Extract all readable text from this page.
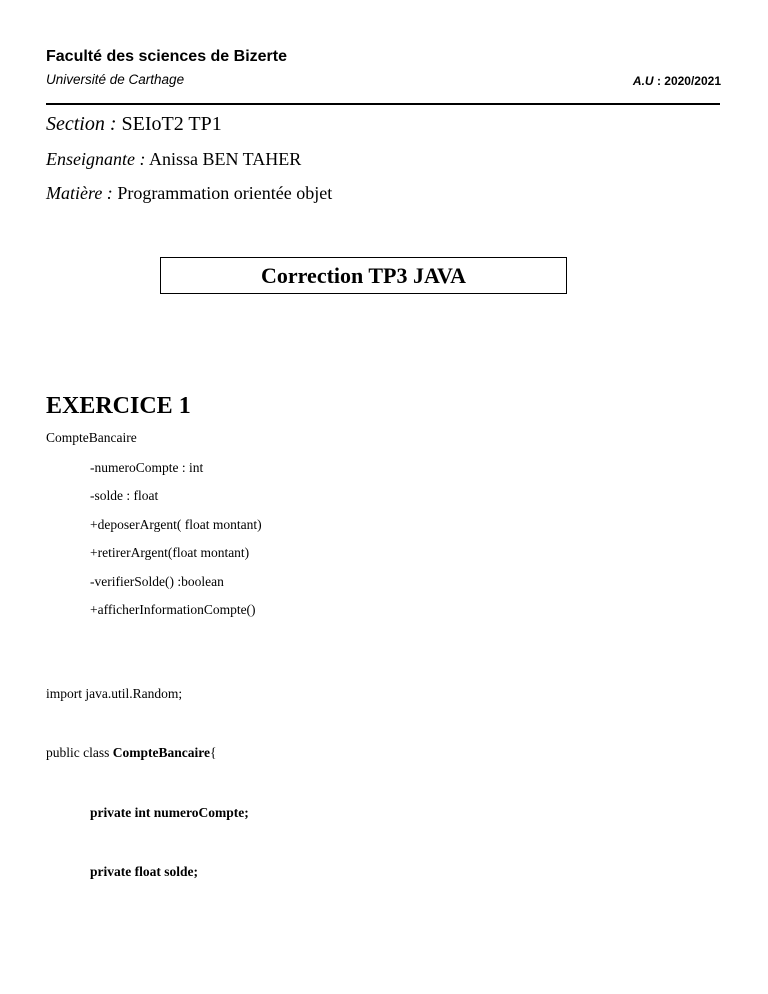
Faculté des sciences de Bizerte
Université de Carthage	A.U : 2020/2021
Section : SEIoT2 TP1
Enseignante : Anissa BEN TAHER
Matière : Programmation orientée objet
Correction TP3 JAVA
EXERCICE 1
CompteBancaire
-numeroCompte : int
-solde : float
+deposerArgent( float montant)
+retirerArgent(float montant)
-verifierSolde() :boolean
+afficherInformationCompte()
import java.util.Random;
public class CompteBancaire{
private int numeroCompte;
private float solde;
